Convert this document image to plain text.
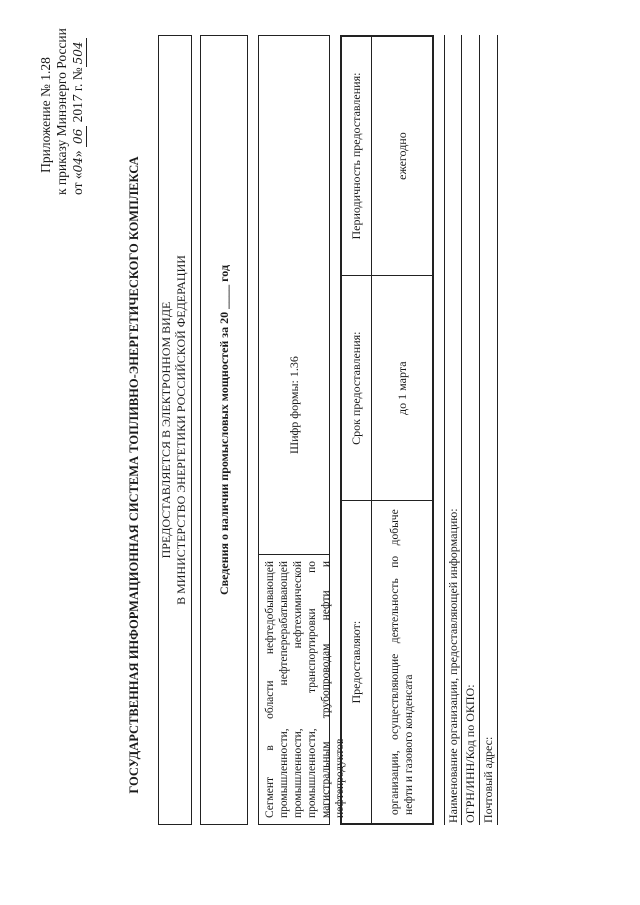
Приложение № 1.28 к приказу Минэнерго России от «04» 06 2017 г. №504
ГОСУДАРСТВЕННАЯ ИНФОРМАЦИОННАЯ СИСТЕМА ТОПЛИВНО-ЭНЕРГЕТИЧЕСКОГО КОМПЛЕКСА ПРЕДОСТАВЛЯЕТСЯ В ЭЛЕКТРОННОМ ВИДЕ В МИНИСТЕРСТВО ЭНЕРГЕТИКИ РОССИЙСКОЙ ФЕДЕРАЦИИ	Сведения о наличии промысловых мощностей за 20 ____ год
Сегмент в области нефтедобывающей промышленности, нефтеперерабатывающей промышленности, нефтехимической промышленности, транспортировки по магистральным трубопроводам нефти и нефтепродуктов
Шифр формы: 1.36
Предоставляют:	Срок предоставления:	Периодичность предоставления:
организации, осуществляющие деятельность по добыче нефти и газового конденсата	до 1 марта	ежегодно
Наименование организации, предоставляющей информацию: ОГРН/ИНН/Код по ОКПО: Почтовый адрес:
